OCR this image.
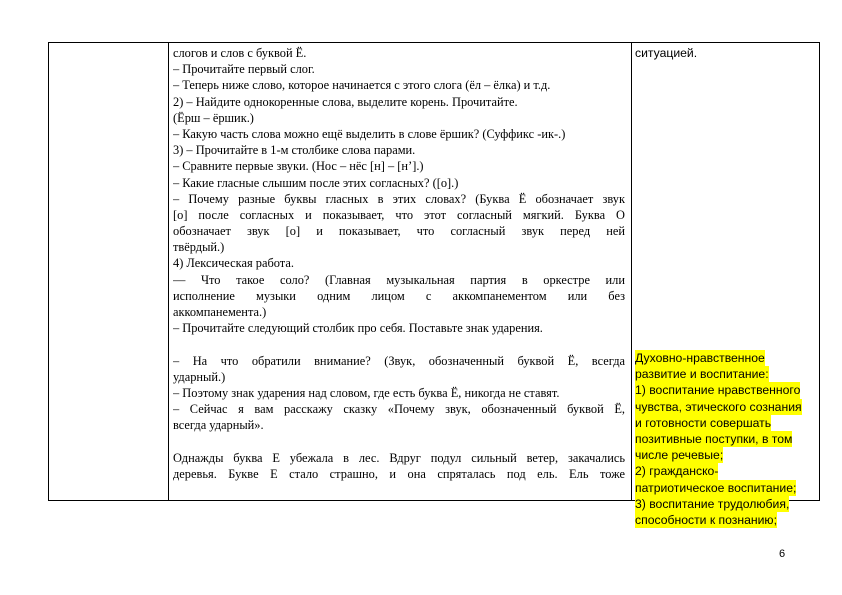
слогов и слов с буквой Ё.
– Прочитайте первый слог.
– Теперь ниже слово, которое начинается с этого слога (ёл – ёлка) и т.д.
2) – Найдите однокоренные слова, выделите корень. Прочитайте.
(Ёрш – ёршик.)
– Какую часть слова можно ещё выделить в слове ёршик? (Суффикс -ик-.)
3) – Прочитайте в 1-м столбике слова парами.
– Сравните первые звуки. (Нос – нёс [н] – [н’].)
– Какие гласные слышим после этих согласных? ([о].)
– Почему разные буквы гласных в этих словах? (Буква Ё обозначает звук
[о] после согласных и показывает, что этот согласный мягкий. Буква О
обозначает звук [о] и показывает, что согласный звук перед ней
твёрдый.)
4) Лексическая работа.
— Что такое соло? (Главная музыкальная партия в оркестре или
исполнение музыки одним лицом с аккомпанементом или без
аккомпанемента.)
– Прочитайте следующий столбик про себя. Поставьте знак ударения.
– На что обратили внимание? (Звук, обозначенный буквой Ё, всегда
ударный.)
– Поэтому знак ударения над словом, где есть буква Ё, никогда не ставят.
– Сейчас я вам расскажу сказку «Почему звук, обозначенный буквой Ё,
всегда ударный».
Однажды буква Е убежала в лес. Вдруг подул сильный ветер, закачались
деревья. Букве Е стало страшно, и она спряталась под ель. Ель тоже
ситуацией.
Духовно-нравственное
развитие и воспитание:
1) воспитание нравственного
чувства, этического сознания
и готовности совершать
позитивные поступки, в том
числе речевые;
2) гражданско-
патриотическое воспитание;
3) воспитание трудолюбия,
способности к познанию;
6
